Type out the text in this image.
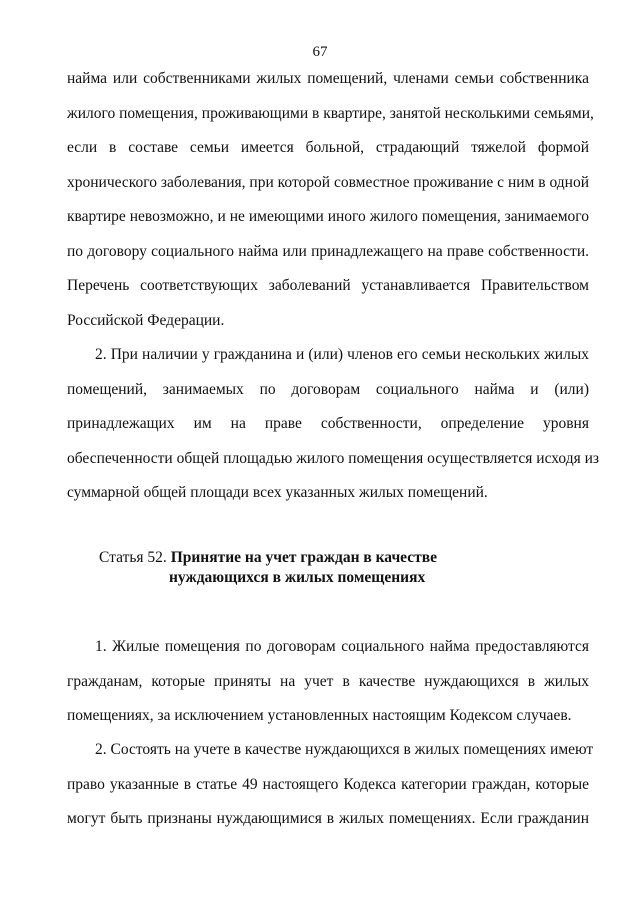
67
найма или собственниками жилых помещений, членами семьи собственника
жилого помещения, проживающими в квартире, занятой несколькими семьями,
если в составе семьи имеется больной, страдающий тяжелой формой
хронического заболевания, при которой совместное проживание с ним в одной
квартире невозможно, и не имеющими иного жилого помещения, занимаемого
по договору социального найма или принадлежащего на праве собственности.
Перечень соответствующих заболеваний устанавливается Правительством
Российской Федерации.
2. При наличии у гражданина и (или) членов его семьи нескольких жилых
помещений, занимаемых по договорам социального найма и (или)
принадлежащих им на праве собственности, определение уровня
обеспеченности общей площадью жилого помещения осуществляется исходя из
суммарной общей площади всех указанных жилых помещений.
Статья 52. Принятие на учет граждан в качестве
нуждающихся в жилых помещениях
1. Жилые помещения по договорам социального найма предоставляются
гражданам, которые приняты на учет в качестве нуждающихся в жилых
помещениях, за исключением установленных настоящим Кодексом случаев.
2. Состоять на учете в качестве нуждающихся в жилых помещениях имеют
право указанные в статье 49 настоящего Кодекса категории граждан, которые
могут быть признаны нуждающимися в жилых помещениях. Если гражданин
